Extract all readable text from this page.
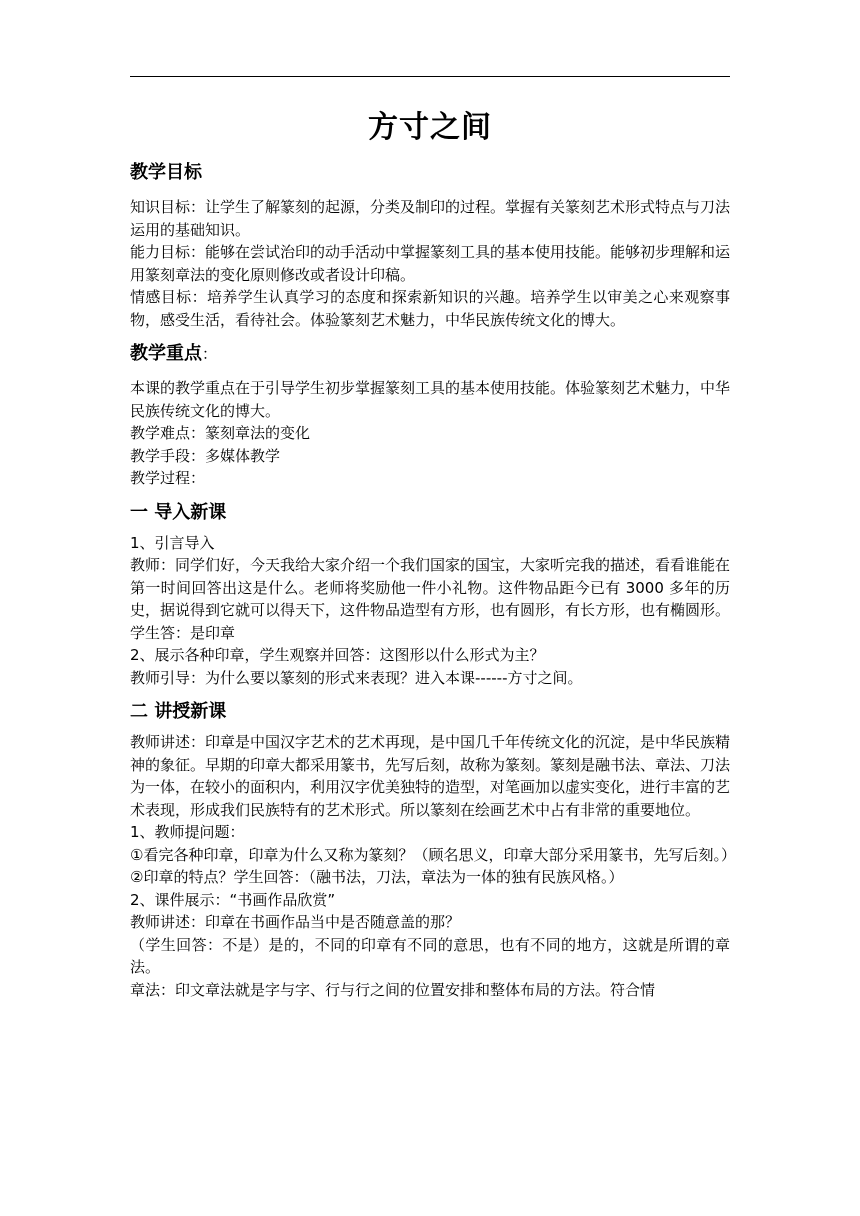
方寸之间
教学目标

知识目标：让学生了解篆刻的起源，分类及制印的过程。掌握有关篆刻艺术形式特点与刀法运用的基础知识。

能力目标：能够在尝试治印的动手活动中掌握篆刻工具的基本使用技能。能够初步理解和运用篆刻章法的变化原则修改或者设计印稿。

情感目标：培养学生认真学习的态度和探索新知识的兴趣。培养学生以审美之心来观察事物，感受生活，看待社会。体验篆刻艺术魅力，中华民族传统文化的博大。

教学重点：

本课的教学重点在于引导学生初步掌握篆刻工具的基本使用技能。体验篆刻艺术魅力，中华民族传统文化的博大。

教学难点：篆刻章法的变化

教学手段：多媒体教学

教学过程：

一 导入新课

1、引言导入

教师：同学们好，今天我给大家介绍一个我们国家的国宝，大家听完我的描述，看看谁能在第一时间回答出这是什么。老师将奖励他一件小礼物。这件物品距今已有 3000 多年的历史，据说得到它就可以得天下，这件物品造型有方形，也有圆形，有长方形，也有椭圆形。

学生答：是印章

2、展示各种印章，学生观察并回答：这图形以什么形式为主？

教师引导：为什么要以篆刻的形式来表现？进入本课------方寸之间。

二 讲授新课

教师讲述：印章是中国汉字艺术的艺术再现，是中国几千年传统文化的沉淀，是中华民族精神的象征。早期的印章大都采用篆书，先写后刻，故称为篆刻。篆刻是融书法、章法、刀法为一体，在较小的面积内，利用汉字优美独特的造型，对笔画加以虚实变化，进行丰富的艺术表现，形成我们民族特有的艺术形式。所以篆刻在绘画艺术中占有非常的重要地位。

1、教师提问题：

①看完各种印章，印章为什么又称为篆刻？（顾名思义，印章大部分采用篆书，先写后刻。）

②印章的特点？学生回答：（融书法，刀法，章法为一体的独有民族风格。）

2、课件展示：“书画作品欣赏”

教师讲述：印章在书画作品当中是否随意盖的那？

（学生回答：不是）是的，不同的印章有不同的意思，也有不同的地方，这就是所谓的章法。

章法：印文章法就是字与字、行与行之间的位置安排和整体布局的方法。符合情
